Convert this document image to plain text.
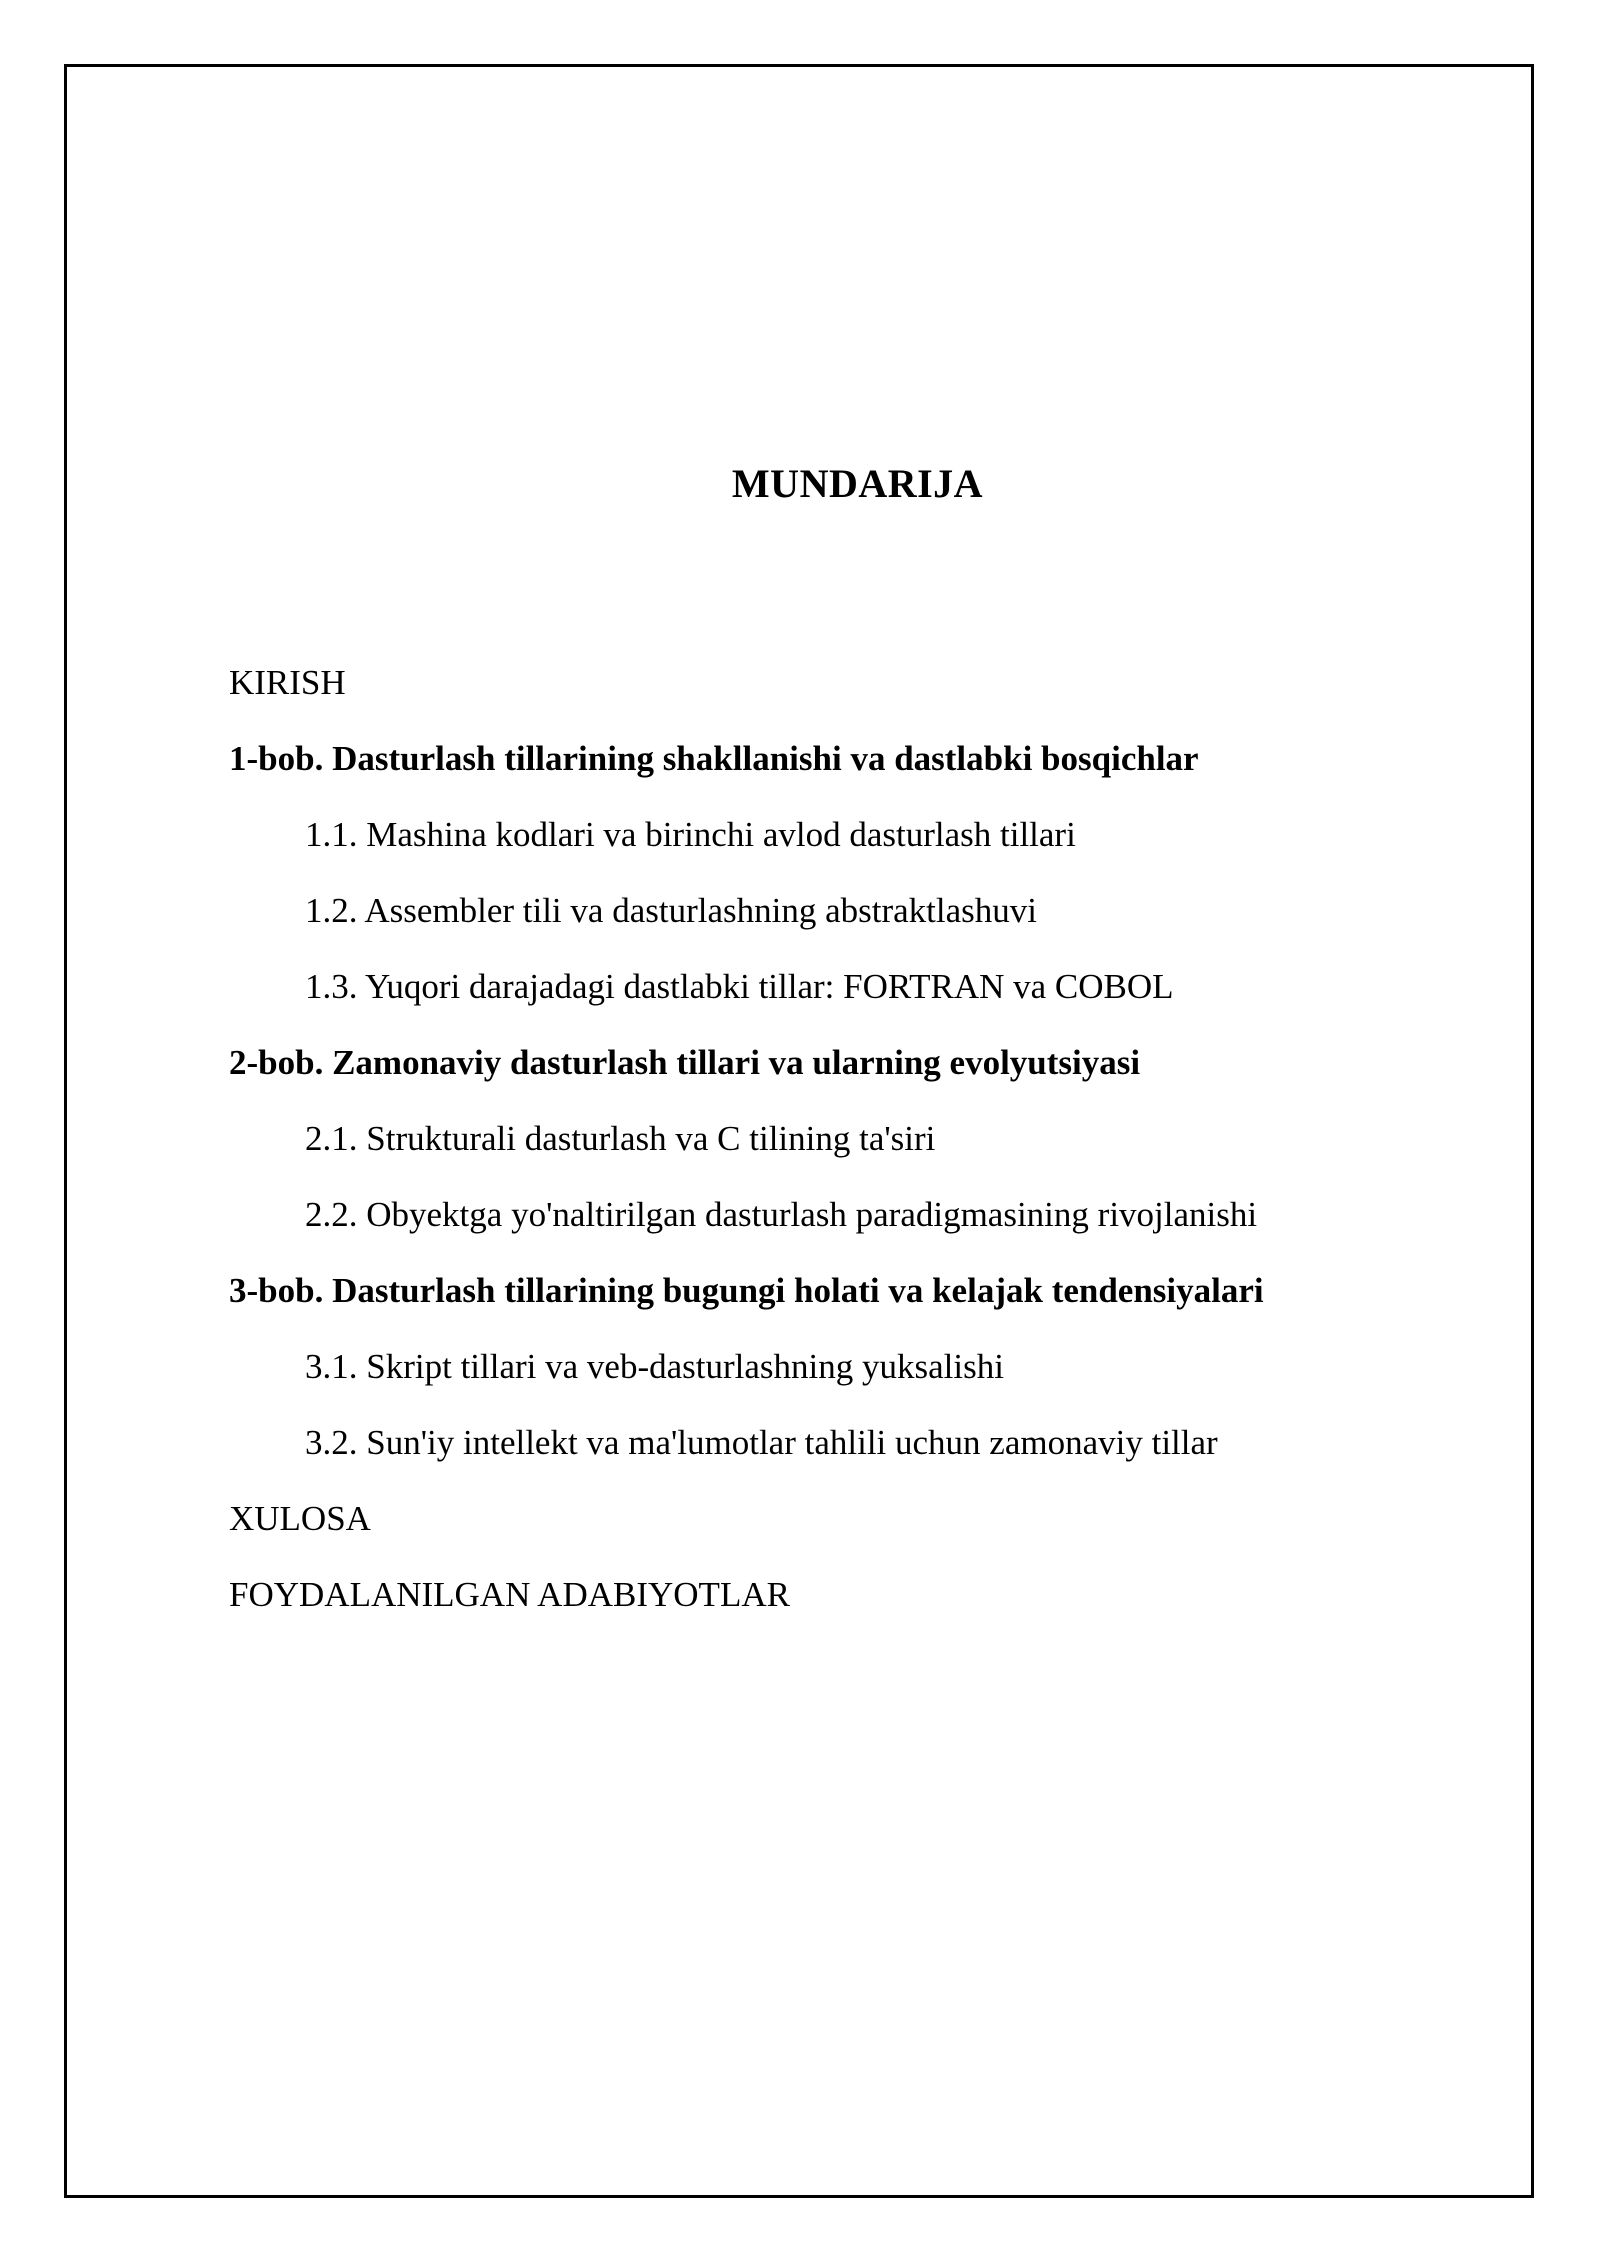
MUNDARIJA
KIRISH
1-bob. Dasturlash tillarining shakllanishi va dastlabki bosqichlar
1.1. Mashina kodlari va birinchi avlod dasturlash tillari
1.2. Assembler tili va dasturlashning abstraktlashuvi
1.3. Yuqori darajadagi dastlabki tillar: FORTRAN va COBOL
2-bob. Zamonaviy dasturlash tillari va ularning evolyutsiyasi
2.1. Strukturali dasturlash va C tilining ta'siri
2.2. Obyektga yo'naltirilgan dasturlash paradigmasining rivojlanishi
3-bob. Dasturlash tillarining bugungi holati va kelajak tendensiyalari
3.1. Skript tillari va veb-dasturlashning yuksalishi
3.2. Sun'iy intellekt va ma'lumotlar tahlili uchun zamonaviy tillar
XULOSA
FOYDALANILGAN ADABIYOTLAR
